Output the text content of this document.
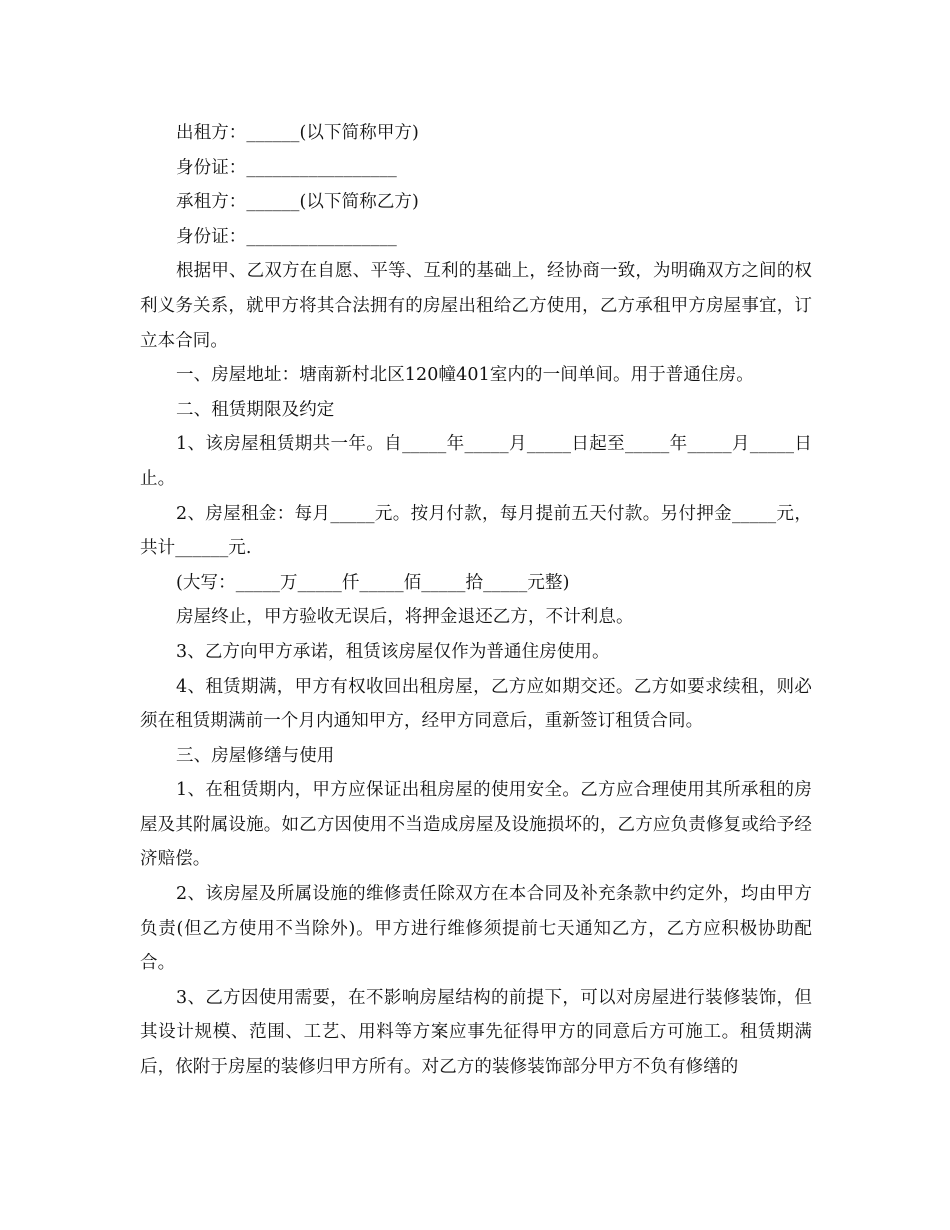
出租方：______(以下简称甲方)

身份证：_________________

承租方：______(以下简称乙方)

身份证：_________________

根据甲、乙双方在自愿、平等、互利的基础上，经协商一致，为明确双方之间的权利义务关系，就甲方将其合法拥有的房屋出租给乙方使用，乙方承租甲方房屋事宜，订立本合同。

一、房屋地址：塘南新村北区120幢401室内的一间单间。用于普通住房。

二、租赁期限及约定

1、该房屋租赁期共一年。自_____年_____月_____日起至_____年_____月_____日止。

2、房屋租金：每月_____元。按月付款，每月提前五天付款。另付押金_____元，共计______元.

(大写：_____万_____仟_____佰_____拾_____元整)

房屋终止，甲方验收无误后，将押金退还乙方，不计利息。

3、乙方向甲方承诺，租赁该房屋仅作为普通住房使用。

4、租赁期满，甲方有权收回出租房屋，乙方应如期交还。乙方如要求续租，则必须在租赁期满前一个月内通知甲方，经甲方同意后，重新签订租赁合同。

三、房屋修缮与使用

1、在租赁期内，甲方应保证出租房屋的使用安全。乙方应合理使用其所承租的房屋及其附属设施。如乙方因使用不当造成房屋及设施损坏的，乙方应负责修复或给予经济赔偿。

2、该房屋及所属设施的维修责任除双方在本合同及补充条款中约定外，均由甲方负责(但乙方使用不当除外)。甲方进行维修须提前七天通知乙方，乙方应积极协助配合。

3、乙方因使用需要，在不影响房屋结构的前提下，可以对房屋进行装修装饰，但其设计规模、范围、工艺、用料等方案应事先征得甲方的同意后方可施工。租赁期满后，依附于房屋的装修归甲方所有。对乙方的装修装饰部分甲方不负有修缮的
